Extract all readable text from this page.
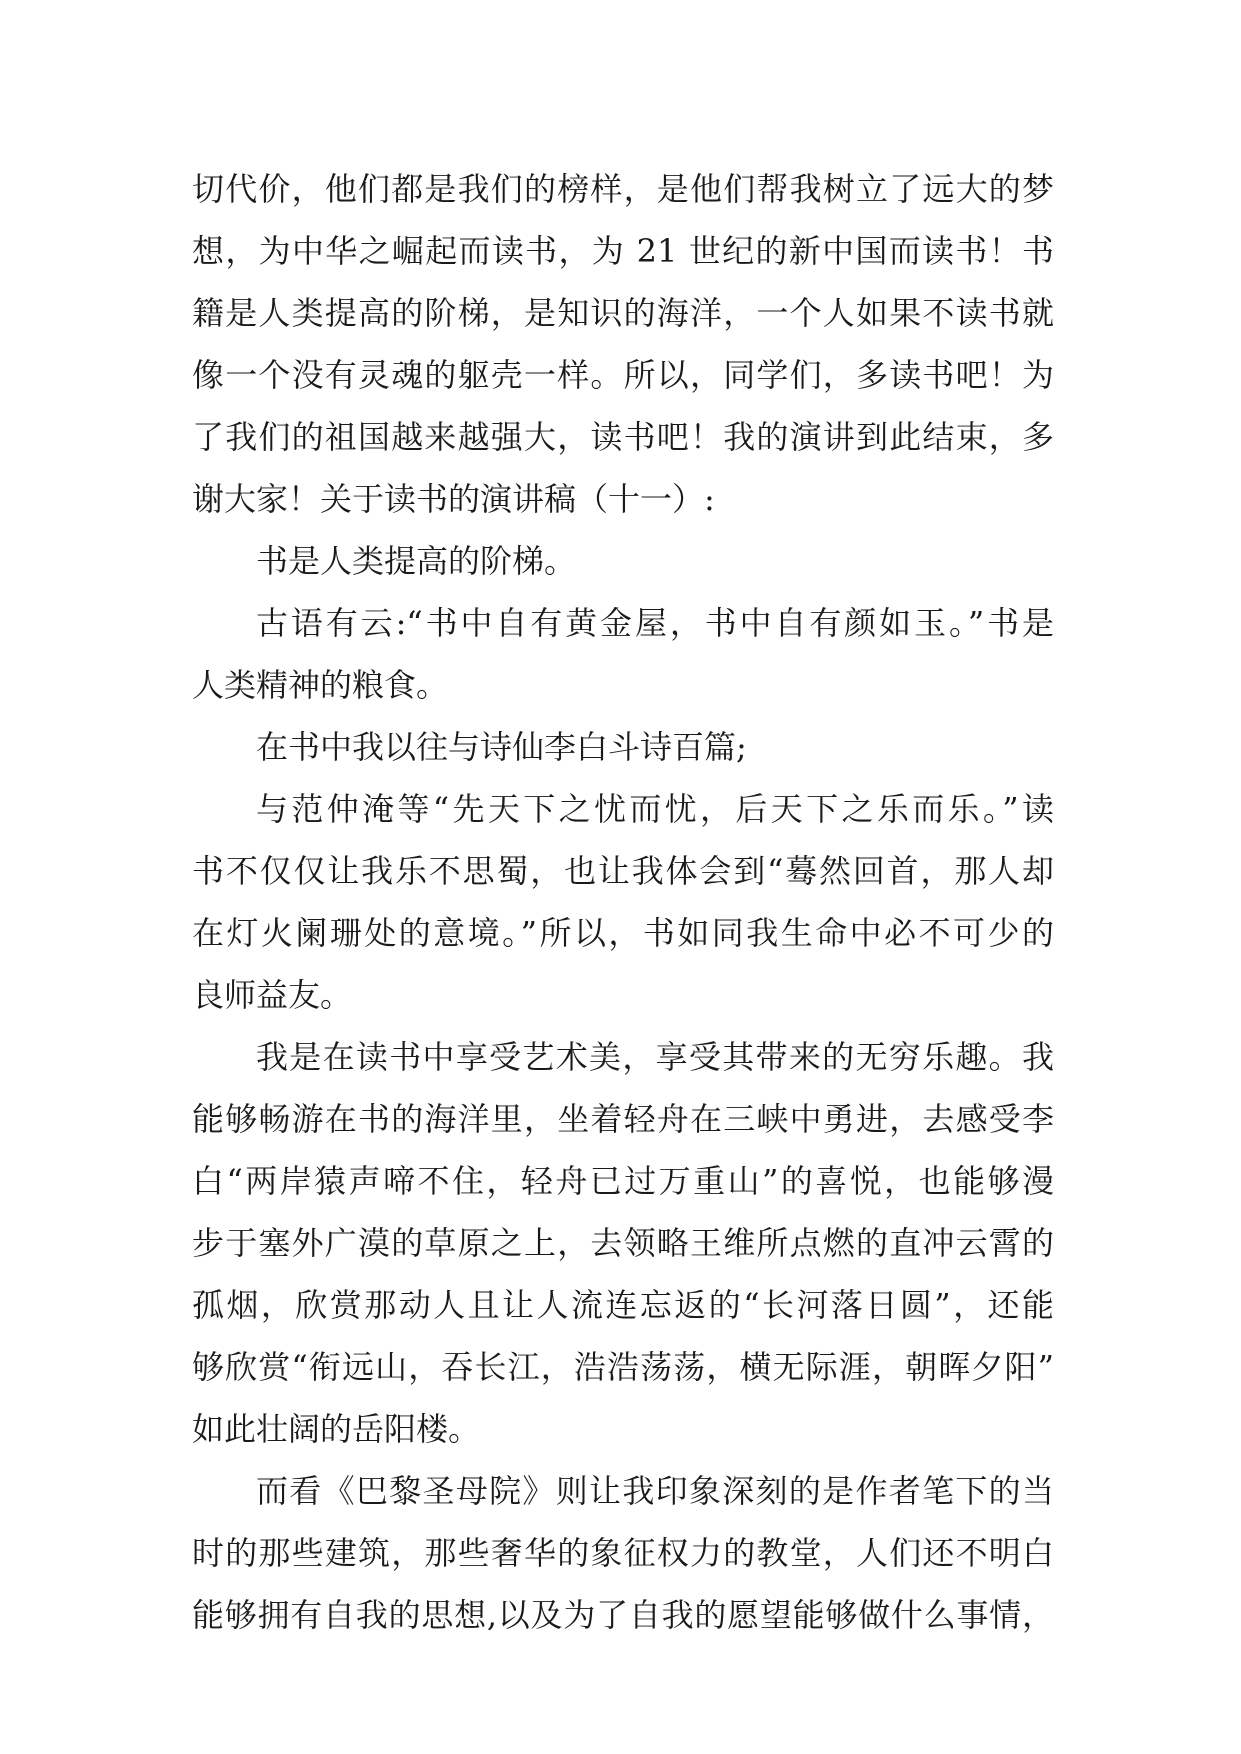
切代价，他们都是我们的榜样，是他们帮我树立了远大的梦
想，为中华之崛起而读书，为 21 世纪的新中国而读书！书
籍是人类提高的阶梯，是知识的海洋，一个人如果不读书就
像一个没有灵魂的躯壳一样。所以，同学们，多读书吧！为
了我们的祖国越来越强大，读书吧！我的演讲到此结束，多
谢大家！关于读书的演讲稿（十一）:
书是人类提高的阶梯。
古语有云:“书中自有黄金屋，书中自有颜如玉。”书是
人类精神的粮食。
在书中我以往与诗仙李白斗诗百篇;
与范仲淹等“先天下之忧而忧，后天下之乐而乐。”读
书不仅仅让我乐不思蜀，也让我体会到“蓦然回首，那人却
在灯火阑珊处的意境。”所以，书如同我生命中必不可少的
良师益友。
我是在读书中享受艺术美，享受其带来的无穷乐趣。我
能够畅游在书的海洋里，坐着轻舟在三峡中勇进，去感受李
白“两岸猿声啼不住，轻舟已过万重山”的喜悦，也能够漫
步于塞外广漠的草原之上，去领略王维所点燃的直冲云霄的
孤烟，欣赏那动人且让人流连忘返的“长河落日圆”，还能
够欣赏“衔远山，吞长江，浩浩荡荡，横无际涯，朝晖夕阳”
如此壮阔的岳阳楼。
而看《巴黎圣母院》则让我印象深刻的是作者笔下的当
时的那些建筑，那些奢华的象征权力的教堂，人们还不明白
能够拥有自我的思想,以及为了自我的愿望能够做什么事情，
